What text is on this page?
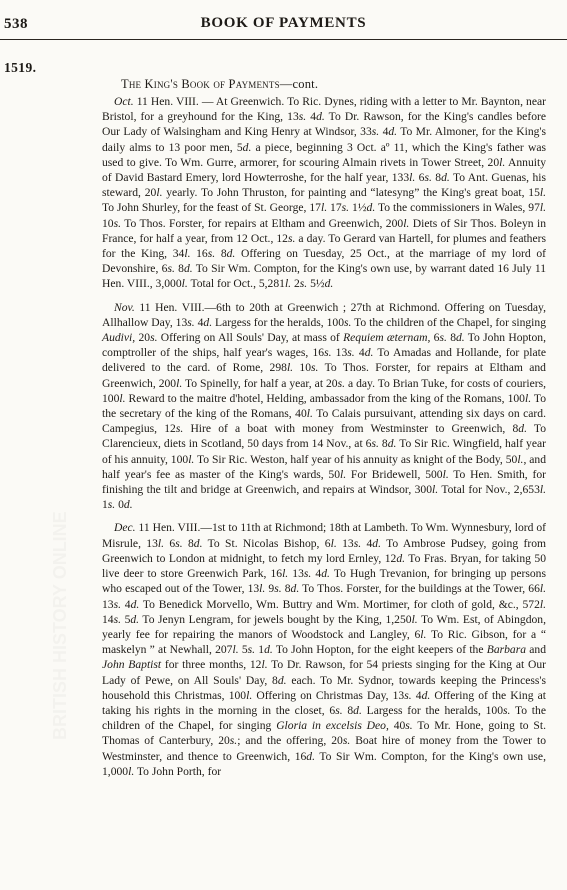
538	BOOK OF PAYMENTS
1519.
The King's Book of Payments—cont.
BRITISH HISTORY ONLINE

Oct. 11 Hen. VIII. — At Greenwich. To Ric. Dynes, riding with a letter to Mr. Baynton, near Bristol, for a greyhound for the King, 13s. 4d. To Dr. Rawson, for the King's candles before Our Lady of Walsingham and King Henry at Windsor, 33s. 4d. To Mr. Almoner, for the King's daily alms to 13 poor men, 5d. a piece, beginning 3 Oct. aº 11, which the King's father was used to give. To Wm. Gurre, armorer, for scouring Almain rivets in Tower Street, 20l. Annuity of David Bastard Emery, lord Howterroshe, for the half year, 133l. 6s. 8d. To Ant. Guenas, his steward, 20l. yearly. To John Thruston, for painting and “latesyng” the King's great boat, 15l. To John Shurley, for the feast of St. George, 17l. 17s. 1½d. To the commissioners in Wales, 97l. 10s. To Thos. Forster, for repairs at Eltham and Greenwich, 200l. Diets of Sir Thos. Boleyn in France, for half a year, from 12 Oct., 12s. a day. To Gerard van Hartell, for plumes and feathers for the King, 34l. 16s. 8d. Offering on Tuesday, 25 Oct., at the marriage of my lord of Devonshire, 6s. 8d. To Sir Wm. Compton, for the King's own use, by warrant dated 16 July 11 Hen. VIII., 3,000l. Total for Oct., 5,281l. 2s. 5½d.

Nov. 11 Hen. VIII.—6th to 20th at Greenwich ; 27th at Richmond. Offering on Tuesday, Allhallow Day, 13s. 4d. Largess for the heralds, 100s. To the children of the Chapel, for singing Audivi, 20s. Offering on All Souls' Day, at mass of Requiem æternam, 6s. 8d. To John Hopton, comptroller of the ships, half year's wages, 16s. 13s. 4d. To Amadas and Hollande, for plate delivered to the card. of Rome, 298l. 10s. To Thos. Forster, for repairs at Eltham and Greenwich, 200l. To Spinelly, for half a year, at 20s. a day. To Brian Tuke, for costs of couriers, 100l. Reward to the maitre d'hotel, Helding, ambassador from the king of the Romans, 100l. To the secretary of the king of the Romans, 40l. To Calais pursuivant, attending six days on card. Campegius, 12s. Hire of a boat with money from Westminster to Greenwich, 8d. To Clarencieux, diets in Scotland, 50 days from 14 Nov., at 6s. 8d. To Sir Ric. Wingfield, half year of his annuity, 100l. To Sir Ric. Weston, half year of his annuity as knight of the Body, 50l., and half year's fee as master of the King's wards, 50l. For Bridewell, 500l. To Hen. Smith, for finishing the tilt and bridge at Greenwich, and repairs at Windsor, 300l. Total for Nov., 2,653l. 1s. 0d.

Dec. 11 Hen. VIII.—1st to 11th at Richmond; 18th at Lambeth. To Wm. Wynnesbury, lord of Misrule, 13l. 6s. 8d. To St. Nicolas Bishop, 6l. 13s. 4d. To Ambrose Pudsey, going from Greenwich to London at midnight, to fetch my lord Ernley, 12d. To Fras. Bryan, for taking 50 live deer to store Greenwich Park, 16l. 13s. 4d. To Hugh Trevanion, for bringing up persons who escaped out of the Tower, 13l. 9s. 8d. To Thos. Forster, for the buildings at the Tower, 66l. 13s. 4d. To Benedick Morvello, Wm. Buttry and Wm. Mortimer, for cloth of gold, &c., 572l. 14s. 5d. To Jenyn Lengram, for jewels bought by the King, 1,250l. To Wm. Est, of Abingdon, yearly fee for repairing the manors of Woodstock and Langley, 6l. To Ric. Gibson, for a “ maskelyn ” at Newhall, 207l. 5s. 1d. To John Hopton, for the eight keepers of the Barbara and John Baptist for three months, 12l. To Dr. Rawson, for 54 priests singing for the King at Our Lady of Pewe, on All Souls' Day, 8d. each. To Mr. Sydnor, towards keeping the Princess's household this Christmas, 100l. Offering on Christmas Day, 13s. 4d. Offering of the King at taking his rights in the morning in the closet, 6s. 8d. Largess for the heralds, 100s. To the children of the Chapel, for singing Gloria in excelsis Deo, 40s. To Mr. Hone, going to St. Thomas of Canterbury, 20s.; and the offering, 20s. Boat hire of money from the Tower to Westminster, and thence to Greenwich, 16d. To Sir Wm. Compton, for the King's own use, 1,000l. To John Porth, for
